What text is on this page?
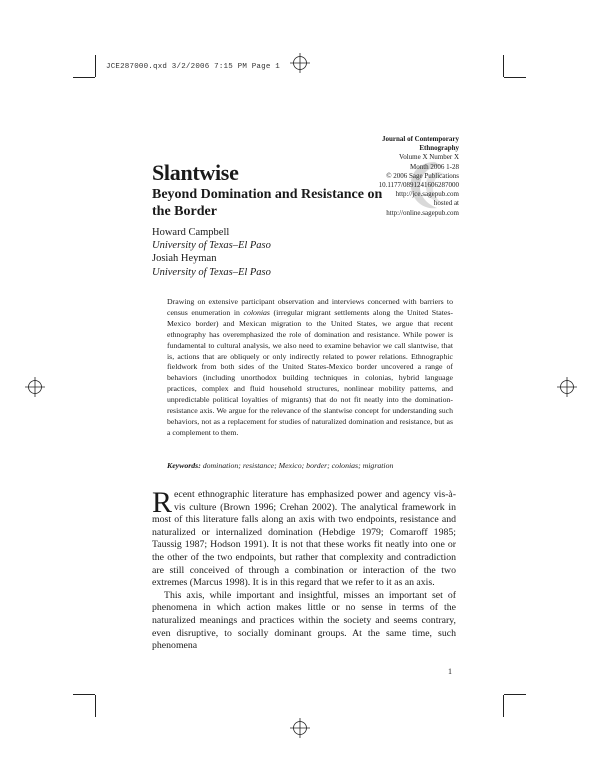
JCE287000.qxd 3/2/2006 7:15 PM Page 1
Journal of Contemporary
Ethnography
Volume X Number X
Month 2006 1-28
© 2006 Sage Publications
10.1177/0891241606287000
http://jce.sagepub.com
hosted at
http://online.sagepub.com
Slantwise
Beyond Domination and Resistance on the Border
Howard Campbell
University of Texas–El Paso
Josiah Heyman
University of Texas–El Paso
Drawing on extensive participant observation and interviews concerned with barriers to census enumeration in colonias (irregular migrant settlements along the United States-Mexico border) and Mexican migration to the United States, we argue that recent ethnography has overemphasized the role of domination and resistance. While power is fundamental to cultural analysis, we also need to examine behavior we call slantwise, that is, actions that are obliquely or only indirectly related to power relations. Ethnographic fieldwork from both sides of the United States-Mexico border uncovered a range of behaviors (including unorthodox building techniques in colonias, hybrid language practices, complex and fluid household structures, nonlinear mobility patterns, and unpredictable political loyalties of migrants) that do not fit neatly into the domination-resistance axis. We argue for the relevance of the slantwise concept for understanding such behaviors, not as a replacement for studies of naturalized domination and resistance, but as a complement to them.
Keywords: domination; resistance; Mexico; border; colonias; migration

Recent ethnographic literature has emphasized power and agency vis-à-vis culture (Brown 1996; Crehan 2002). The analytical framework in most of this literature falls along an axis with two endpoints, resistance and naturalized or internalized domination (Hebdige 1979; Comaroff 1985; Taussig 1987; Hodson 1991). It is not that these works fit neatly into one or the other of the two endpoints, but rather that complexity and contradiction are still conceived of through a combination or interaction of the two extremes (Marcus 1998). It is in this regard that we refer to it as an axis.

This axis, while important and insightful, misses an important set of phenomena in which action makes little or no sense in terms of the naturalized meanings and practices within the society and seems contrary, even disruptive, to socially dominant groups. At the same time, such phenomena

1
